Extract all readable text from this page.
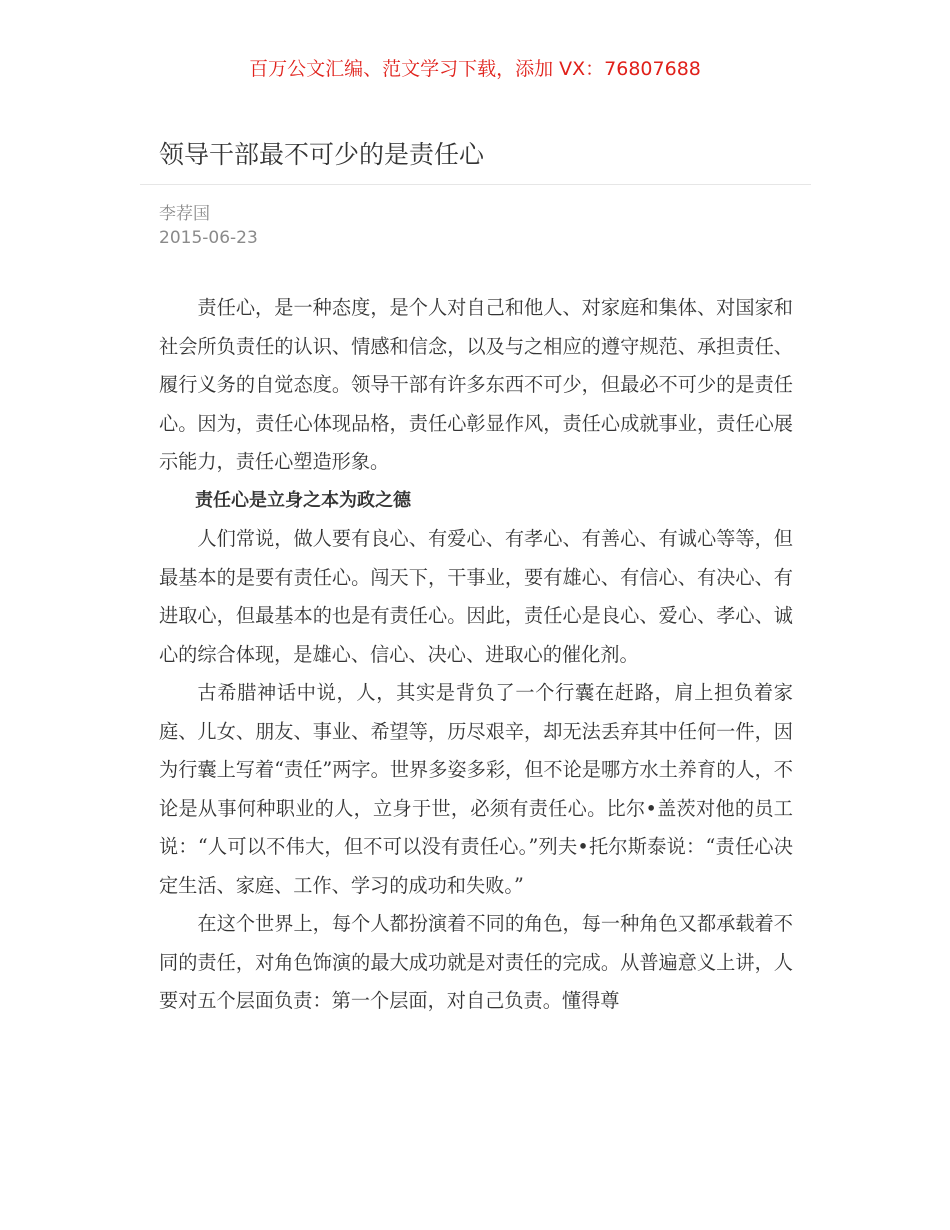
百万公文汇编、范文学习下载，添加 VX：76807688
领导干部最不可少的是责任心
李荐国
2015-06-23

责任心，是一种态度，是个人对自己和他人、对家庭和集体、对国家和社会所负责任的认识、情感和信念，以及与之相应的遵守规范、承担责任、履行义务的自觉态度。领导干部有许多东西不可少，但最必不可少的是责任心。因为，责任心体现品格，责任心彰显作风，责任心成就事业，责任心展示能力，责任心塑造形象。

责任心是立身之本为政之德

人们常说，做人要有良心、有爱心、有孝心、有善心、有诚心等等，但最基本的是要有责任心。闯天下，干事业，要有雄心、有信心、有决心、有进取心，但最基本的也是有责任心。因此，责任心是良心、爱心、孝心、诚心的综合体现，是雄心、信心、决心、进取心的催化剂。

古希腊神话中说，人，其实是背负了一个行囊在赶路，肩上担负着家庭、儿女、朋友、事业、希望等，历尽艰辛，却无法丢弃其中任何一件，因为行囊上写着“责任”两字。世界多姿多彩，但不论是哪方水土养育的人，不论是从事何种职业的人，立身于世，必须有责任心。比尔•盖茨对他的员工说：“人可以不伟大，但不可以没有责任心。”列夫•托尔斯泰说：“责任心决定生活、家庭、工作、学习的成功和失败。”

在这个世界上，每个人都扮演着不同的角色，每一种角色又都承载着不同的责任，对角色饰演的最大成功就是对责任的完成。从普遍意义上讲，人要对五个层面负责：第一个层面，对自己负责。懂得尊
